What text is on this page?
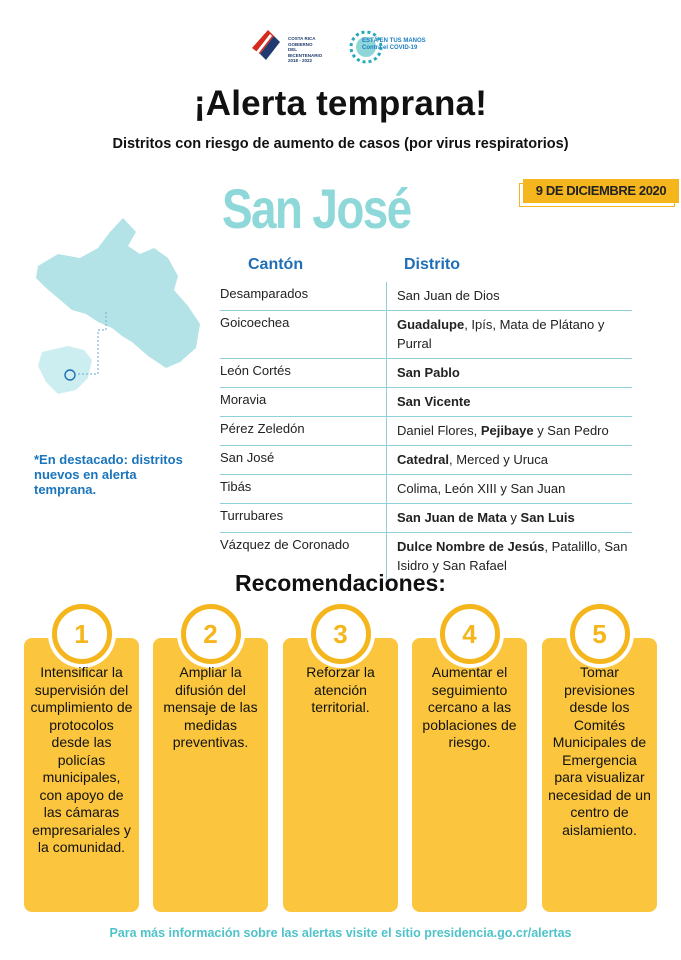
COSTA RICA GOBIERNO DEL BICENTENARIO 2018 - 2022
ESTÁ EN TUS MANOS
Contra el COVID-19
¡Alerta temprana!
Distritos con riesgo de aumento de casos (por virus respiratorios)
9 DE DICIEMBRE 2020
San José
*En destacado: distritos nuevos en alerta temprana.
Cantón	Distrito
Desamparados	San Juan de Dios
Goicoechea	Guadalupe, Ipís, Mata de Plátano y Purral
León Cortés	San Pablo
Moravia	San Vicente
Pérez Zeledón	Daniel Flores, Pejibaye y San Pedro
San José	Catedral, Merced y Uruca
Tibás	Colima, León XIII y San Juan
Turrubares	San Juan de Mata y San Luis
Vázquez de Coronado	Dulce Nombre de Jesús, Patalillo, San Isidro y San Rafael
Recomendaciones:
1
Intensificar la supervisión del cumplimiento de protocolos desde las policías municipales, con apoyo de las cámaras empresariales y la comunidad.
2
Ampliar la difusión del mensaje de las medidas preventivas.
3
Reforzar la atención territorial.
4
Aumentar el seguimiento cercano a las poblaciones de riesgo.
5
Tomar previsiones desde los Comités Municipales de Emergencia para visualizar necesidad de un centro de aislamiento.
Para más información sobre las alertas visite el sitio presidencia.go.cr/alertas
